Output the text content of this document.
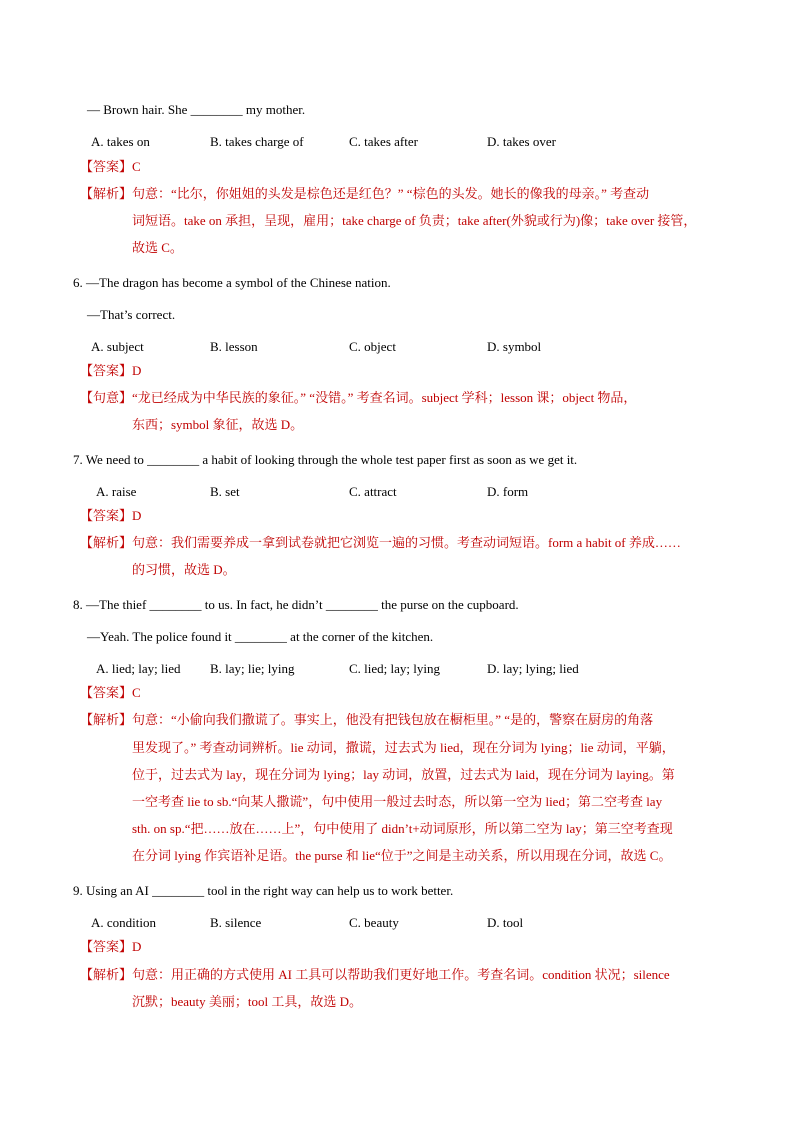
— Brown hair. She ________ my mother.
A. takes on	B. takes charge of	C. takes after	D. takes over
【答案】C
【解析】句意：“比尔，你姐姐的头发是棕色还是红色？” “棕色的头发。她长的像我的母亲。” 考查动
词短语。take on 承担，呈现，雇用；take charge of 负责；take after(外貌或行为)像；take over 接管，
故选 C。
6. —The dragon has become a symbol of the Chinese nation.
—That’s correct.
A. subject	B. lesson	C. object	D. symbol
【答案】D
【句意】“龙已经成为中华民族的象征。” “没错。” 考查名词。subject 学科；lesson 课；object 物品，
东西；symbol 象征，故选 D。
7. We need to ________ a habit of looking through the whole test paper first as soon as we get it.
A. raise	B. set	C. attract	D. form
【答案】D
【解析】句意：我们需要养成一拿到试卷就把它浏览一遍的习惯。考查动词短语。form a habit of 养成……
的习惯，故选 D。
8. —The thief ________ to us. In fact, he didn’t ________ the purse on the cupboard.
—Yeah. The police found it ________ at the corner of the kitchen.
A. lied; lay; lied B. lay; lie; lying	C. lied; lay; lying	D. lay; lying; lied
【答案】C
【解析】句意：“小偷向我们撒谎了。事实上，他没有把钱包放在橱柜里。” “是的，警察在厨房的角落
里发现了。” 考查动词辨析。lie 动词，撒谎，过去式为 lied，现在分词为 lying；lie 动词，平躺，
位于，过去式为 lay，现在分词为 lying；lay 动词，放置，过去式为 laid，现在分词为 laying。第
一空考查 lie to sb.“向某人撒谎”，句中使用一般过去时态，所以第一空为 lied；第二空考查 lay
sth. on sp.“把……放在……上”，句中使用了 didn’t+动词原形，所以第二空为 lay；第三空考查现
在分词 lying 作宾语补足语。the purse 和 lie“位于”之间是主动关系，所以用现在分词，故选 C。
9. Using an AI ________ tool in the right way can help us to work better.
A. condition	B. silence	C. beauty	D. tool
【答案】D
【解析】句意：用正确的方式使用 AI 工具可以帮助我们更好地工作。考查名词。condition 状况；silence
沉默；beauty 美丽；tool 工具，故选 D。
